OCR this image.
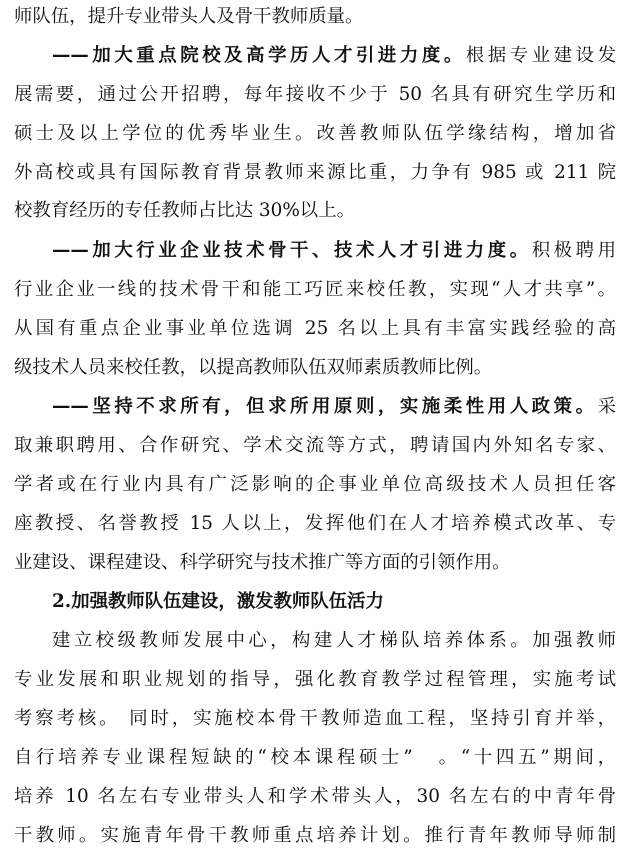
师队伍，提升专业带头人及骨干教师质量。
——加大重点院校及高学历人才引进力度。根据专业建设发
展需要，通过公开招聘，每年接收不少于 50 名具有研究生学历和
硕士及以上学位的优秀毕业生。改善教师队伍学缘结构，增加省
外高校或具有国际教育背景教师来源比重，力争有 985 或 211 院
校教育经历的专任教师占比达 30%以上。
——加大行业企业技术骨干、技术人才引进力度。积极聘用
行业企业一线的技术骨干和能工巧匠来校任教，实现“人才共享”。
从国有重点企业事业单位选调 25 名以上具有丰富实践经验的高
级技术人员来校任教，以提高教师队伍双师素质教师比例。
——坚持不求所有，但求所用原则，实施柔性用人政策。采
取兼职聘用、合作研究、学术交流等方式，聘请国内外知名专家、
学者或在行业内具有广泛影响的企事业单位高级技术人员担任客
座教授、名誉教授 15 人以上，发挥他们在人才培养模式改革、专
业建设、课程建设、科学研究与技术推广等方面的引领作用。
2.加强教师队伍建设，激发教师队伍活力
建立校级教师发展中心，构建人才梯队培养体系。加强教师
专业发展和职业规划的指导，强化教育教学过程管理，实施考试
考察考核。 同时，实施校本骨干教师造血工程，坚持引育并举，
自行培养专业课程短缺的“校本课程硕士”　。“十四五”期间，
培养 10 名左右专业带头人和学术带头人，30 名左右的中青年骨
干教师。实施青年骨干教师重点培养计划。推行青年教师导师制
